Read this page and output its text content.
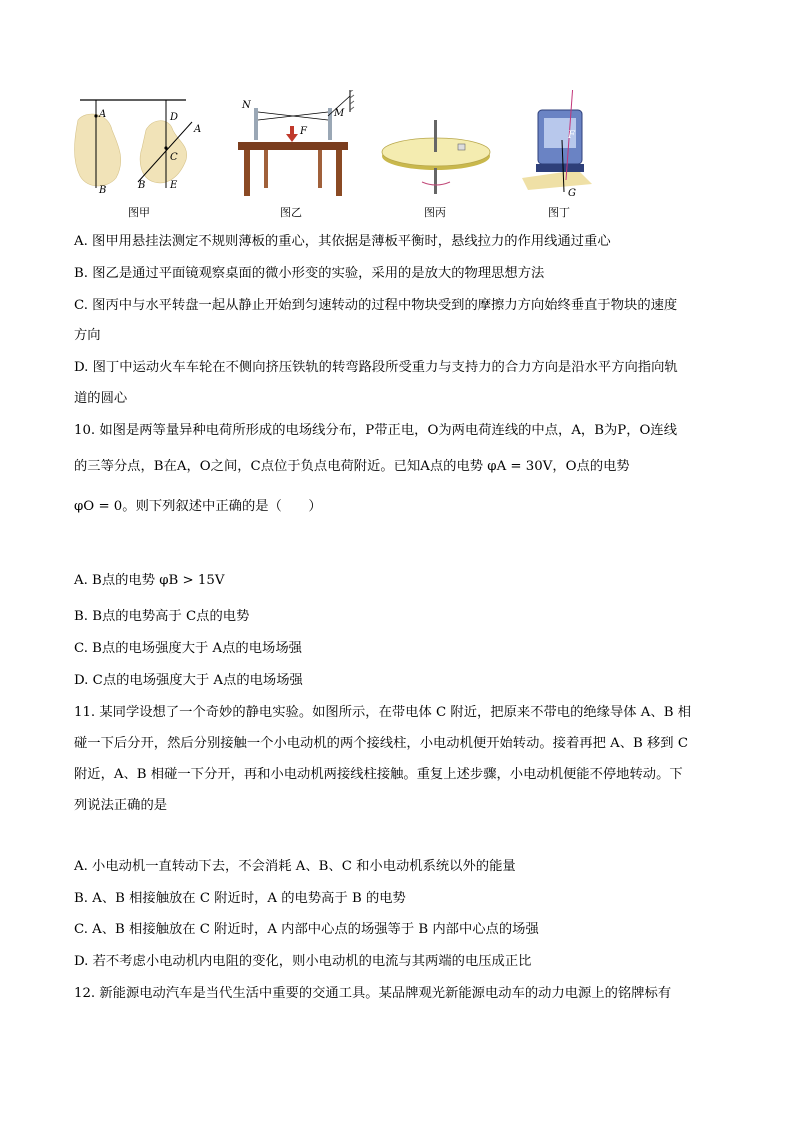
A
B
C
D
A
B E
N
F
M
F
G
图甲	图乙	图丙	图丁
A. 图甲用悬挂法测定不规则薄板的重心，其依据是薄板平衡时，悬线拉力的作用线通过重心
B. 图乙是通过平面镜观察桌面的微小形变的实验，采用的是放大的物理思想方法
C. 图丙中与水平转盘一起从静止开始到匀速转动的过程中物块受到的摩擦力方向始终垂直于物块的速度
方向
D. 图丁中运动火车车轮在不侧向挤压铁轨的转弯路段所受重力与支持力的合力方向是沿水平方向指向轨
道的圆心
10. 如图是两等量异种电荷所形成的电场线分布，P带正电，O为两电荷连线的中点，A，B为P，O连线
的三等分点，B在A，O之间，C点位于负点电荷附近。已知A点的电势 φA = 30V，O点的电势
φO = 0。则下列叙述中正确的是（　　）
A. B点的电势 φB > 15V
B. B点的电势高于 C点的电势
C. B点的电场强度大于 A点的电场场强
D. C点的电场强度大于 A点的电场场强
11. 某同学设想了一个奇妙的静电实验。如图所示，在带电体 C 附近，把原来不带电的绝缘导体 A、B 相
碰一下后分开，然后分别接触一个小电动机的两个接线柱，小电动机便开始转动。接着再把 A、B 移到 C
附近，A、B 相碰一下分开，再和小电动机两接线柱接触。重复上述步骤，小电动机便能不停地转动。下
列说法正确的是
A. 小电动机一直转动下去，不会消耗 A、B、C 和小电动机系统以外的能量
B. A、B 相接触放在 C 附近时，A 的电势高于 B 的电势
C. A、B 相接触放在 C 附近时，A 内部中心点的场强等于 B 内部中心点的场强
D. 若不考虑小电动机内电阻的变化，则小电动机的电流与其两端的电压成正比
12. 新能源电动汽车是当代生活中重要的交通工具。某品牌观光新能源电动车的动力电源上的铭牌标有
